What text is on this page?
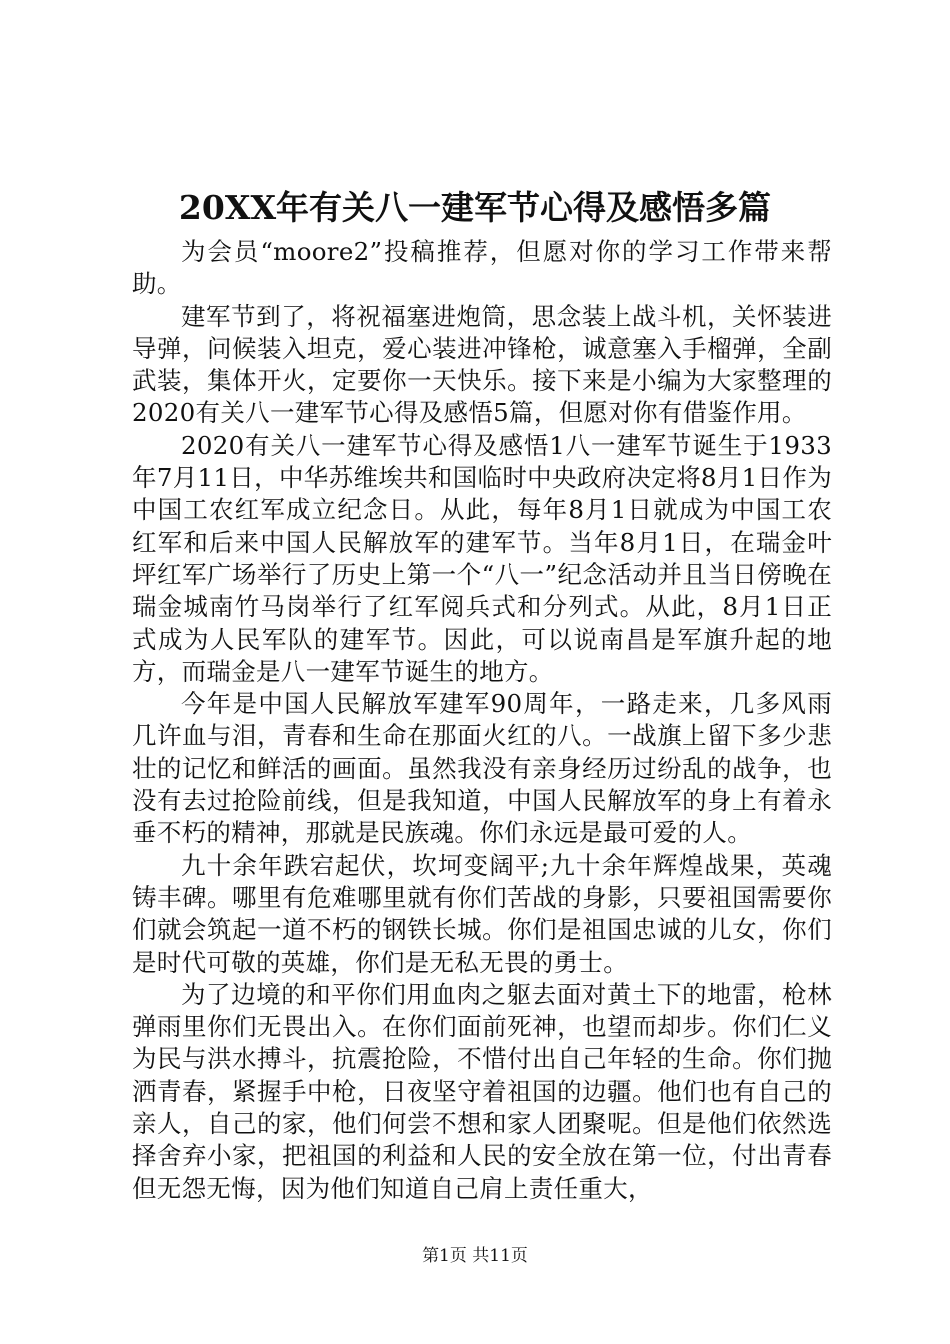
20XX年有关八一建军节心得及感悟多篇

为会员“moore2”投稿推荐，但愿对你的学习工作带来帮助。

建军节到了，将祝福塞进炮筒，思念装上战斗机，关怀装进导弹，问候装入坦克，爱心装进冲锋枪，诚意塞入手榴弹，全副武装，集体开火，定要你一天快乐。接下来是小编为大家整理的2020有关八一建军节心得及感悟5篇，但愿对你有借鉴作用。

2020有关八一建军节心得及感悟1八一建军节诞生于1933年7月11日，中华苏维埃共和国临时中央政府决定将8月1日作为中国工农红军成立纪念日。从此，每年8月1日就成为中国工农红军和后来中国人民解放军的建军节。当年8月1日，在瑞金叶坪红军广场举行了历史上第一个“八一”纪念活动并且当日傍晚在瑞金城南竹马岗举行了红军阅兵式和分列式。从此，8月1日正式成为人民军队的建军节。因此，可以说南昌是军旗升起的地方，而瑞金是八一建军节诞生的地方。

今年是中国人民解放军建军90周年，一路走来，几多风雨几许血与泪，青春和生命在那面火红的八。一战旗上留下多少悲壮的记忆和鲜活的画面。虽然我没有亲身经历过纷乱的战争，也没有去过抢险前线，但是我知道，中国人民解放军的身上有着永垂不朽的精神，那就是民族魂。你们永远是最可爱的人。

九十余年跌宕起伏，坎坷变阔平;九十余年辉煌战果，英魂铸丰碑。哪里有危难哪里就有你们苦战的身影，只要祖国需要你们就会筑起一道不朽的钢铁长城。你们是祖国忠诚的儿女，你们是时代可敬的英雄，你们是无私无畏的勇士。

为了边境的和平你们用血肉之躯去面对黄土下的地雷，枪林弹雨里你们无畏出入。在你们面前死神，也望而却步。你们仁义为民与洪水搏斗，抗震抢险，不惜付出自己年轻的生命。你们抛洒青春，紧握手中枪，日夜坚守着祖国的边疆。他们也有自己的亲人，自己的家，他们何尝不想和家人团聚呢。但是他们依然选择舍弃小家，把祖国的利益和人民的安全放在第一位，付出青春但无怨无悔，因为他们知道自己肩上责任重大，

第1页 共11页
